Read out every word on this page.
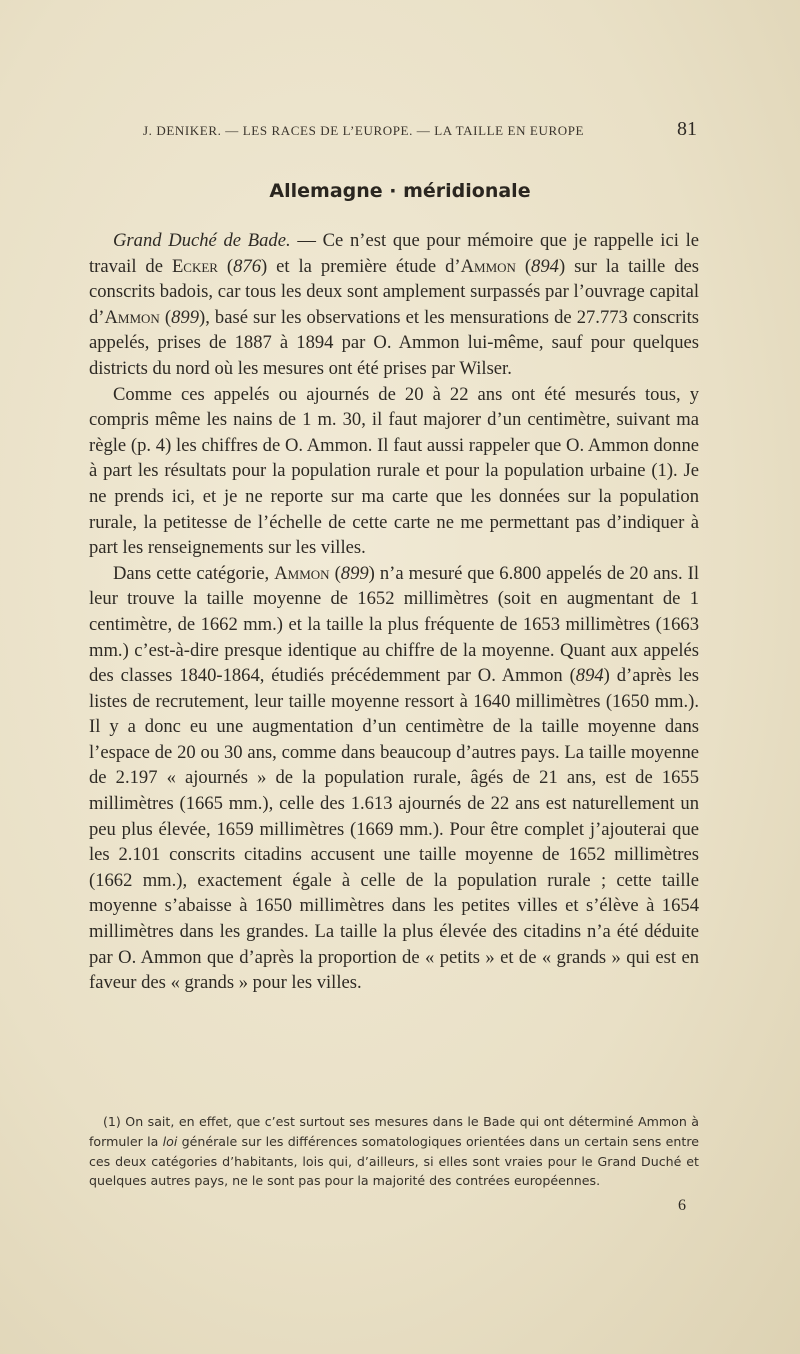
J. DENIKER. — LES RACES DE L’EUROPE. — LA TAILLE EN EUROPE	81
Allemagne · méridionale

Grand Duché de Bade. — Ce n’est que pour mémoire que je rappelle ici le travail de Ecker (876) et la première étude d’Ammon (894) sur la taille des conscrits badois, car tous les deux sont amplement surpassés par l’ouvrage capital d’Ammon (899), basé sur les observations et les mensurations de 27.773 conscrits appelés, prises de 1887 à 1894 par O. Ammon lui-même, sauf pour quelques districts du nord où les mesures ont été prises par Wilser.

Comme ces appelés ou ajournés de 20 à 22 ans ont été mesurés tous, y compris même les nains de 1 m. 30, il faut majorer d’un centimètre, suivant ma règle (p. 4) les chiffres de O. Ammon. Il faut aussi rappeler que O. Ammon donne à part les résultats pour la population rurale et pour la population urbaine (1). Je ne prends ici, et je ne reporte sur ma carte que les données sur la population rurale, la petitesse de l’échelle de cette carte ne me permettant pas d’indiquer à part les renseignements sur les villes.

Dans cette catégorie, Ammon (899) n’a mesuré que 6.800 appelés de 20 ans. Il leur trouve la taille moyenne de 1652 millimètres (soit en augmentant de 1 centimètre, de 1662 mm.) et la taille la plus fréquente de 1653 millimètres (1663 mm.) c’est-à-dire presque identique au chiffre de la moyenne. Quant aux appelés des classes 1840-1864, étudiés précédemment par O. Ammon (894) d’après les listes de recrutement, leur taille moyenne ressort à 1640 millimètres (1650 mm.). Il y a donc eu une augmentation d’un centimètre de la taille moyenne dans l’espace de 20 ou 30 ans, comme dans beaucoup d’autres pays. La taille moyenne de 2.197 « ajournés » de la population rurale, âgés de 21 ans, est de 1655 millimètres (1665 mm.), celle des 1.613 ajournés de 22 ans est naturellement un peu plus élevée, 1659 millimètres (1669 mm.). Pour être complet j’ajouterai que les 2.101 conscrits citadins accusent une taille moyenne de 1652 millimètres (1662 mm.), exactement égale à celle de la population rurale ; cette taille moyenne s’abaisse à 1650 millimètres dans les petites villes et s’élève à 1654 millimètres dans les grandes. La taille la plus élevée des citadins n’a été déduite par O. Ammon que d’après la proportion de « petits » et de « grands » qui est en faveur des « grands » pour les villes.

(1) On sait, en effet, que c’est surtout ses mesures dans le Bade qui ont déterminé Ammon à formuler la loi générale sur les différences somatologiques orientées dans un certain sens entre ces deux catégories d’habitants, lois qui, d’ailleurs, si elles sont vraies pour le Grand Duché et quelques autres pays, ne le sont pas pour la majorité des contrées européennes.

6
